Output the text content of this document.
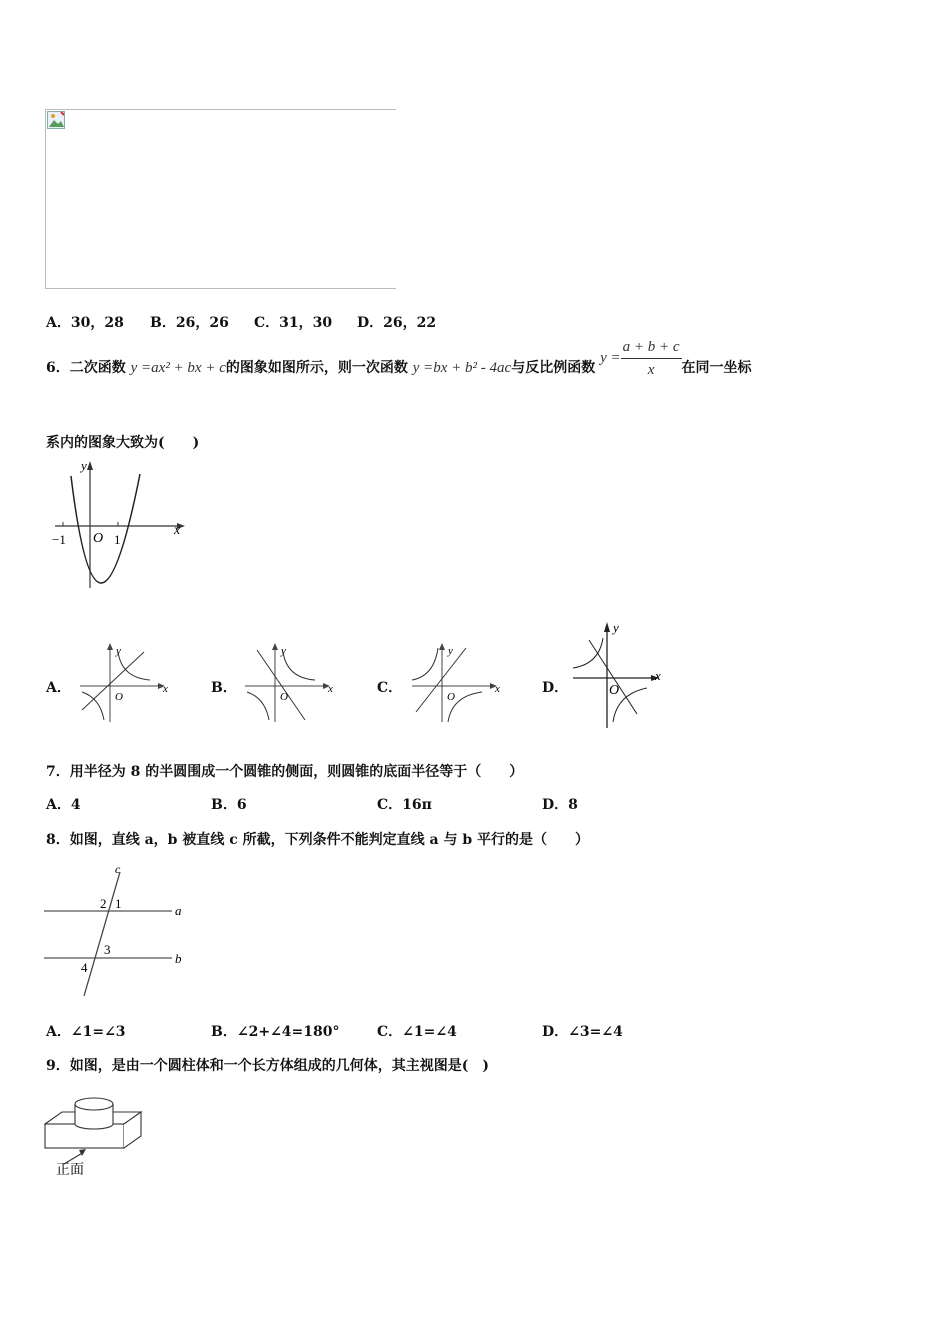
A．30，28 B．26，26 C．31，30 D．26，22
6．二次函数 y =ax² + bx + c的图象如图所示，则一次函数 y =bx + b² - 4ac与反比例函数 $y = \frac{a + b + c}{x}$ 在同一坐标
系内的图象大致为(　　)
y
x
O
−1	1
A．
y
x
O
B．
y
x
O
C．
y
x
O
D．
y
x
O
7．用半径为 8 的半圆围成一个圆锥的侧面，则圆锥的底面半径等于（　　）
A．4	B．6	C．16π	D．8
8．如图，直线 a，b 被直线 c 所截，下列条件不能判定直线 a 与 b 平行的是（　　）
c
a
b
2 1
3
4
A．∠1=∠3	B．∠2+∠4=180°	C．∠1=∠4	D．∠3=∠4
9．如图，是由一个圆柱体和一个长方体组成的几何体，其主视图是(　)
正面
